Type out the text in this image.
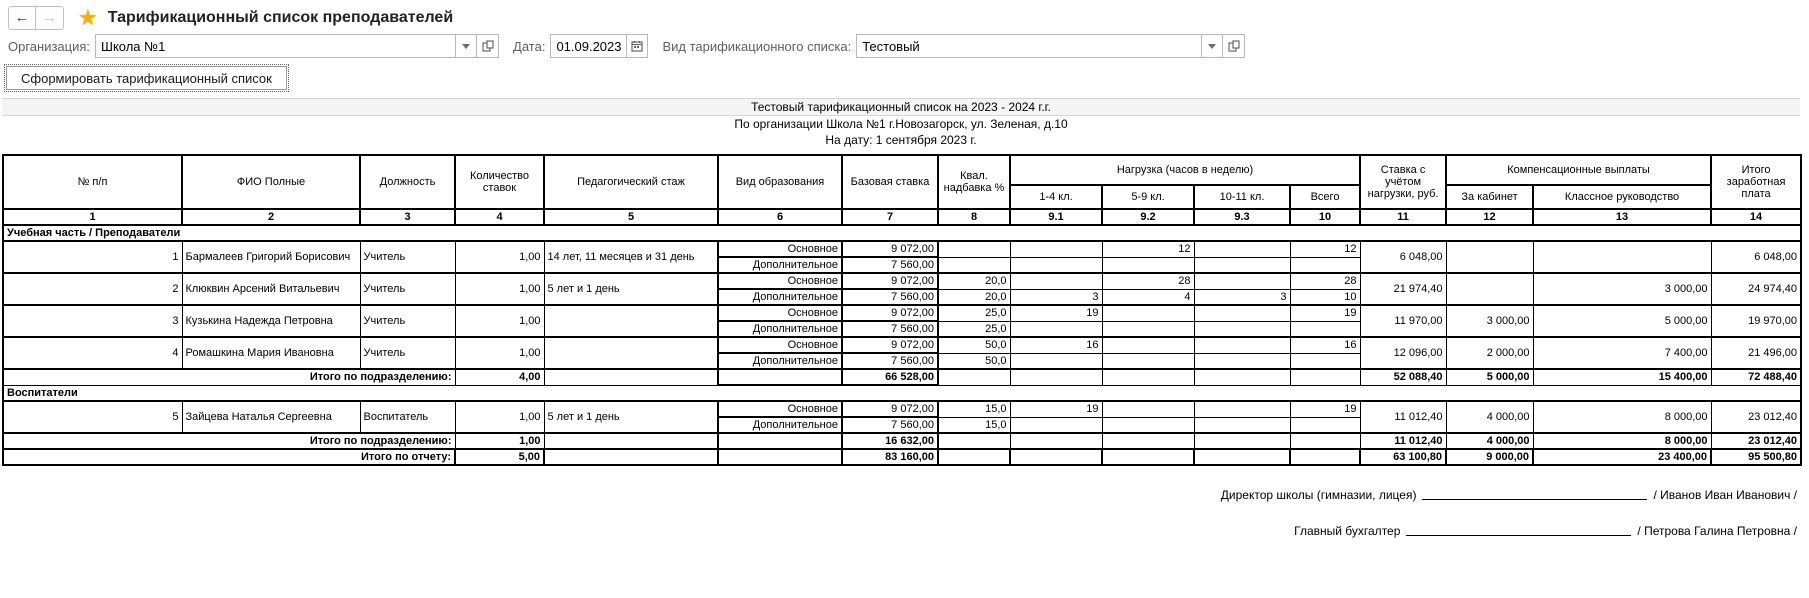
← → ★ Тарификационный список преподавателей
Организация: Школа №1	Дата: 01.09.2023	Вид тарификационного списка: Тестовый
Сформировать тарификационный список
Тестовый тарификационный список на 2023 - 2024 г.г.
По организации Школа №1 г.Новозагорск, ул. Зеленая, д.10
На дату: 1 сентября 2023 г.
№ п/п	ФИО Полные	Должность	Количество ставок	Педагогический стаж	Вид образования	Базовая ставка	Квал. надбавка %	Нагрузка (часов в неделю)				Ставка с учётом нагрузки, руб.	Компенсационные выплаты		Итого заработная плата
								1-4 кл.	5-9 кл.	10-11 кл.	Всего		За кабинет	Классное руководство	
1	2	3	4	5	6	7	8	9.1	9.2	9.3	10	11	12	13	14
Учебная часть / Преподаватели															
1	Бармалеев Григорий Борисович	Учитель	1,00	14 лет, 11 месяцев и 31 день	Основное	9 072,00			12		12	6 048,00			6 048,00
					Дополнительное	7 560,00									
2	Клюквин Арсений Витальевич	Учитель	1,00	5 лет и 1 день	Основное	9 072,00	20,0		28		28	21 974,40		3 000,00	24 974,40
					Дополнительное	7 560,00	20,0	3	4	3	10				
3	Кузькина Надежда Петровна	Учитель	1,00		Основное	9 072,00	25,0	19			19	11 970,00	3 000,00	5 000,00	19 970,00
					Дополнительное	7 560,00	25,0								
4	Ромашкина Мария Ивановна	Учитель	1,00		Основное	9 072,00	50,0	16			16	12 096,00	2 000,00	7 400,00	21 496,00
					Дополнительное	7 560,00	50,0								
Итого по подразделению:			4,00			66 528,00						52 088,40	5 000,00	15 400,00	72 488,40
Воспитатели															
5	Зайцева Наталья Сергеевна	Воспитатель	1,00	5 лет и 1 день	Основное	9 072,00	15,0	19			19	11 012,40	4 000,00	8 000,00	23 012,40
					Дополнительное	7 560,00	15,0								
Итого по подразделению:			1,00			16 632,00						11 012,40	4 000,00	8 000,00	23 012,40
Итого по отчету:			5,00			83 160,00						63 100,80	9 000,00	23 400,00	95 500,80
Директор школы (гимназии, лицея)	/ Иванов Иван Иванович /
Главный бухгалтер	/ Петрова Галина Петровна /
